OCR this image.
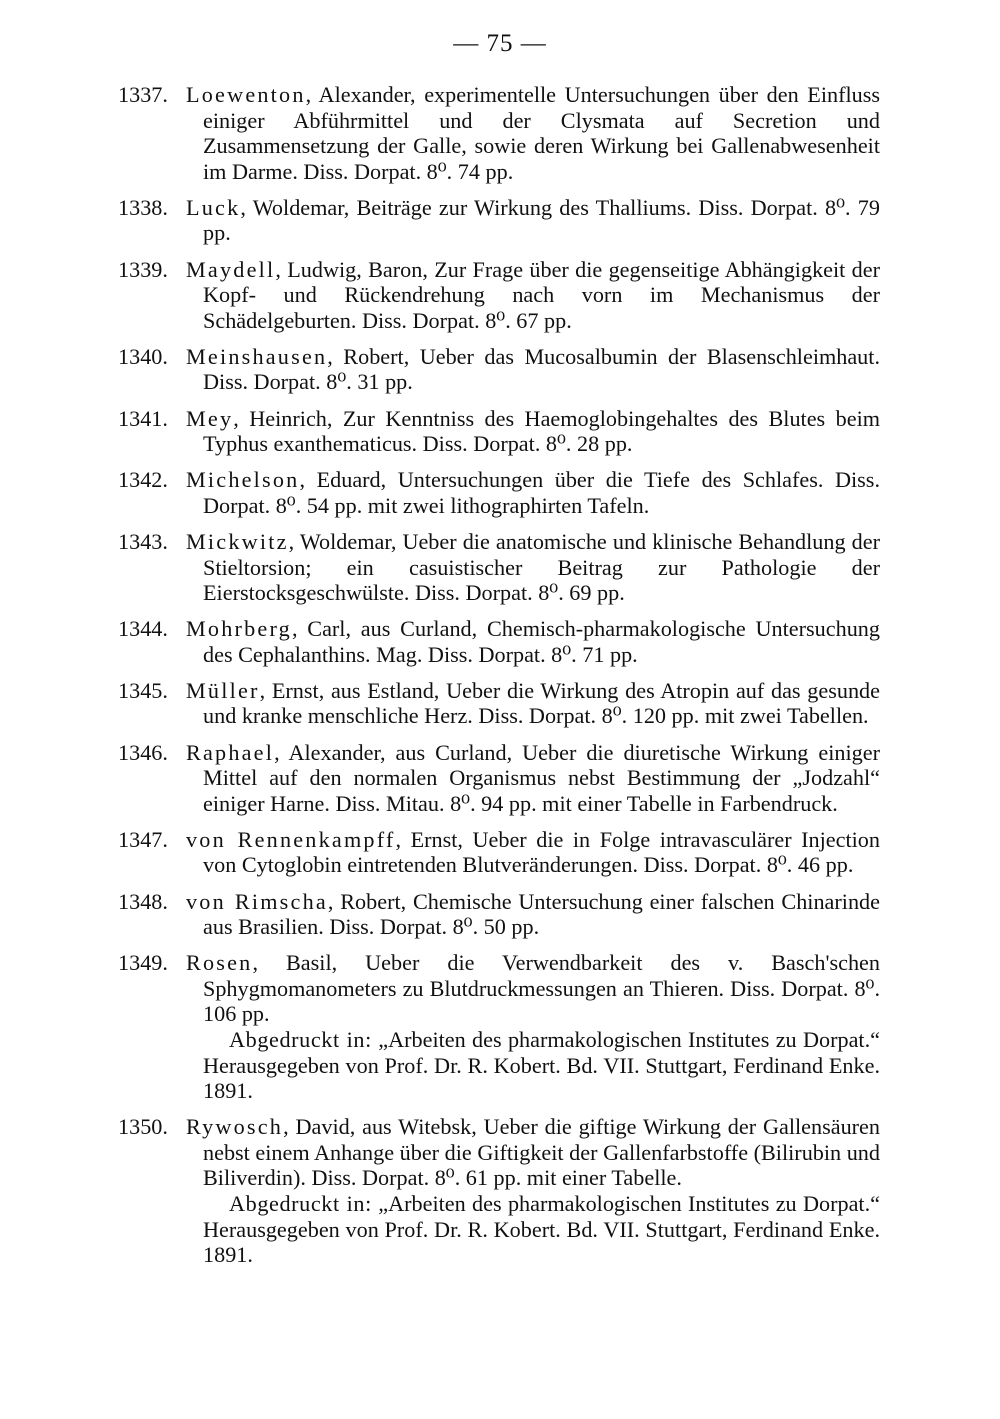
— 75 —
1337. Loewenton, Alexander, experimentelle Untersuchungen über den Einfluss einiger Abführmittel und der Clysmata auf Secretion und Zusammensetzung der Galle, sowie deren Wirkung bei Gallenabwesenheit im Darme. Diss. Dorpat. 8⁰. 74 pp.
1338. Luck, Woldemar, Beiträge zur Wirkung des Thalliums. Diss. Dorpat. 8⁰. 79 pp.
1339. Maydell, Ludwig, Baron, Zur Frage über die gegenseitige Abhängigkeit der Kopf- und Rückendrehung nach vorn im Mechanismus der Schädelgeburten. Diss. Dorpat. 8⁰. 67 pp.
1340. Meinshausen, Robert, Ueber das Mucosalbumin der Blasenschleimhaut. Diss. Dorpat. 8⁰. 31 pp.
1341. Mey, Heinrich, Zur Kenntniss des Haemoglobingehaltes des Blutes beim Typhus exanthematicus. Diss. Dorpat. 8⁰. 28 pp.
1342. Michelson, Eduard, Untersuchungen über die Tiefe des Schlafes. Diss. Dorpat. 8⁰. 54 pp. mit zwei lithographirten Tafeln.
1343. Mickwitz, Woldemar, Ueber die anatomische und klinische Behandlung der Stieltorsion; ein casuistischer Beitrag zur Pathologie der Eierstocksgeschwülste. Diss. Dorpat. 8⁰. 69 pp.
1344. Mohrberg, Carl, aus Curland, Chemisch-pharmakologische Untersuchung des Cephalanthins. Mag. Diss. Dorpat. 8⁰. 71 pp.
1345. Müller, Ernst, aus Estland, Ueber die Wirkung des Atropin auf das gesunde und kranke menschliche Herz. Diss. Dorpat. 8⁰. 120 pp. mit zwei Tabellen.
1346. Raphael, Alexander, aus Curland, Ueber die diuretische Wirkung einiger Mittel auf den normalen Organismus nebst Bestimmung der „Jodzahl“ einiger Harne. Diss. Mitau. 8⁰. 94 pp. mit einer Tabelle in Farbendruck.
1347. von Rennenkampff, Ernst, Ueber die in Folge intravasculärer Injection von Cytoglobin eintretenden Blutveränderungen. Diss. Dorpat. 8⁰. 46 pp.
1348. von Rimscha, Robert, Chemische Untersuchung einer falschen Chinarinde aus Brasilien. Diss. Dorpat. 8⁰. 50 pp.
1349. Rosen, Basil, Ueber die Verwendbarkeit des v. Basch'schen Sphygmomanometers zu Blutdruckmessungen an Thieren. Diss. Dorpat. 8⁰. 106 pp.
Abgedruckt in: „Arbeiten des pharmakologischen Institutes zu Dorpat.“ Herausgegeben von Prof. Dr. R. Kobert. Bd. VII. Stuttgart, Ferdinand Enke. 1891.
1350. Rywosch, David, aus Witebsk, Ueber die giftige Wirkung der Gallensäuren nebst einem Anhange über die Giftigkeit der Gallenfarbstoffe (Bilirubin und Biliverdin). Diss. Dorpat. 8⁰. 61 pp. mit einer Tabelle.
Abgedruckt in: „Arbeiten des pharmakologischen Institutes zu Dorpat.“ Herausgegeben von Prof. Dr. R. Kobert. Bd. VII. Stuttgart, Ferdinand Enke. 1891.
